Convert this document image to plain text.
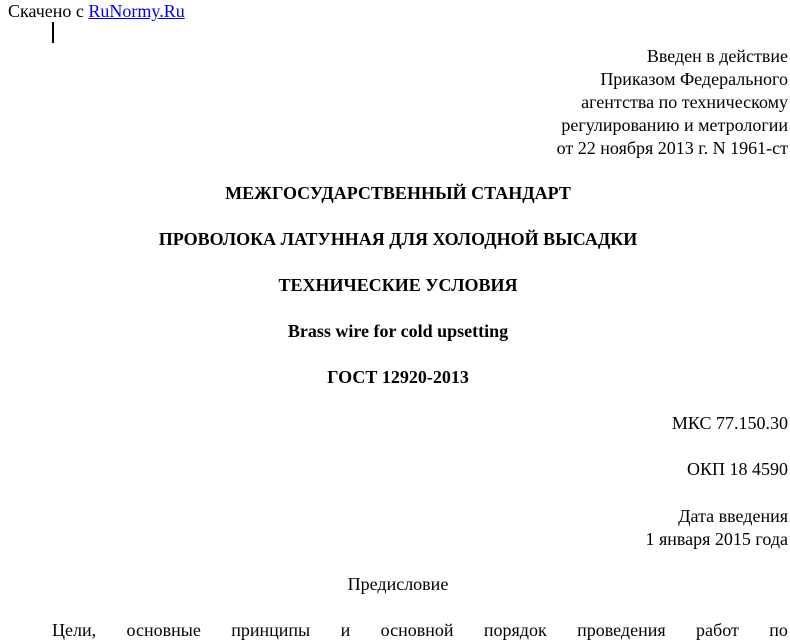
Скачено с RuNormy.Ru
Введен в действие
Приказом Федерального
агентства по техническому
регулированию и метрологии
от 22 ноября 2013 г. N 1961-ст
МЕЖГОСУДАРСТВЕННЫЙ СТАНДАРТ
ПРОВОЛОКА ЛАТУННАЯ ДЛЯ ХОЛОДНОЙ ВЫСАДКИ
ТЕХНИЧЕСКИЕ УСЛОВИЯ
Brass wire for cold upsetting
ГОСТ 12920-2013
МКС 77.150.30
ОКП 18 4590
Дата введения
1 января 2015 года
Предисловие
Цели, основные принципы и основной порядок проведения работ по
